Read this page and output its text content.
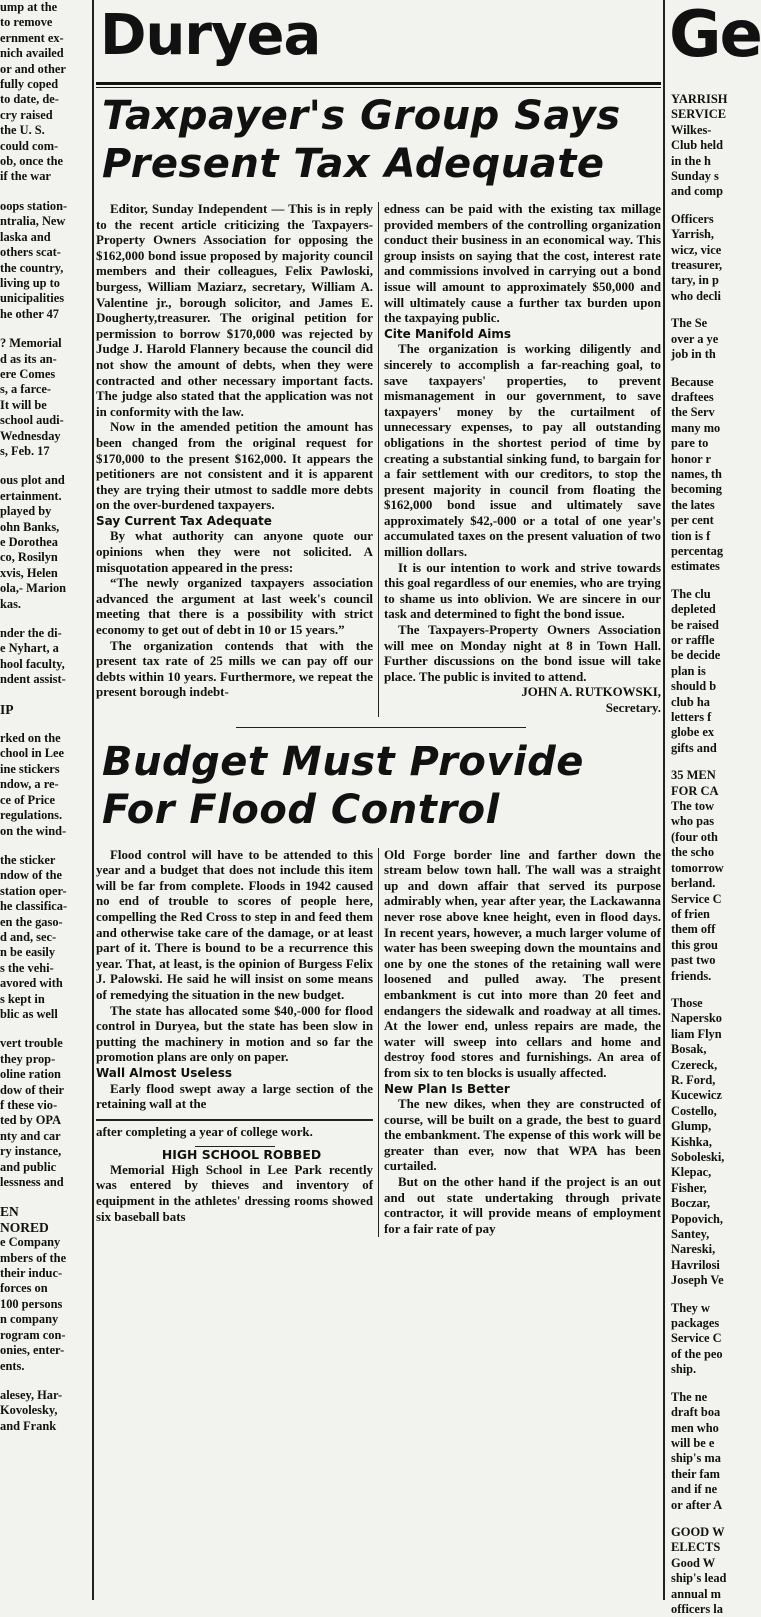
ump at the

to remove

ernment ex-

nich availed

or and other

fully coped

to date, de-

cry raised

the U. S.

could com-

ob, once the

if the war

oops station-

ntralia, New

laska and

others scat-

the country,

living up to

unicipalities

he other 47

? Memorial

d as its an-

ere Comes

s, a farce-

It will be

school audi-

Wednesday

s, Feb. 17

ous plot and

ertainment.

played by

ohn Banks,

e Dorothea

co, Rosilyn

xvis, Helen

ola,- Marion

kas.

nder the di-

e Nyhart, a

hool faculty,

ndent assist-

IP

rked on the

chool in Lee

ine stickers

ndow, a re-

ce of Price

regulations.

on the wind-

the sticker

ndow of the

station oper-

he classifica-

en the gaso-

d and, sec-

n be easily

s the vehi-

avored with

s kept in

blic as well

vert trouble

they prop-

oline ration

dow of their

f these vio-

ted by OPA

nty and car

ry instance,

and public

lessness and

EN

NORED

e Company

mbers of the

their induc-

forces on

100 persons

n company

rogram con-

onies, enter-

ents.

alesey, Har-

Kovolesky,

and Frank

Duryea
Taxpayer's Group Says
Present Tax Adequate

Editor, Sunday Independent — This is in reply to the recent article criticizing the Taxpayers-Property Owners Association for opposing the $162,000 bond issue proposed by majority council members and their colleagues, Felix Pawloski, burgess, William Maziarz, secretary, William A. Valentine jr., borough solicitor, and James E. Dougherty,treasurer. The original petition for permission to borrow $170,000 was rejected by Judge J. Harold Flannery because the council did not show the amount of debts, when they were contracted and other necessary important facts. The judge also stated that the application was not in conformity with the law.

Now in the amended petition the amount has been changed from the original request for $170,000 to the present $162,000. It appears the petitioners are not consistent and it is apparent they are trying their utmost to saddle more debts on the over-burdened taxpayers.

Say Current Tax Adequate

By what authority can anyone quote our opinions when they were not solicited. A misquotation appeared in the press:

“The newly organized taxpayers association advanced the argument at last week's council meeting that there is a possibility with strict economy to get out of debt in 10 or 15 years.”

The organization contends that with the present tax rate of 25 mills we can pay off our debts within 10 years. Furthermore, we repeat the present borough indebt-

edness can be paid with the existing tax millage provided members of the controlling organization conduct their business in an economical way. This group insists on saying that the cost, interest rate and commissions involved in carrying out a bond issue will amount to approximately $50,000 and will ultimately cause a further tax burden upon the taxpaying public.

Cite Manifold Aims

The organization is working diligently and sincerely to accomplish a far-reaching goal, to save taxpayers' properties, to prevent mismanagement in our government, to save taxpayers' money by the curtailment of unnecessary expenses, to pay all outstanding obligations in the shortest period of time by creating a substantial sinking fund, to bargain for a fair settlement with our creditors, to stop the present majority in council from floating the $162,000 bond issue and ultimately save approximately $42,-000 or a total of one year's accumulated taxes on the present valuation of two million dollars.

It is our intention to work and strive towards this goal regardless of our enemies, who are trying to shame us into oblivion. We are sincere in our task and determined to fight the bond issue.

The Taxpayers-Property Owners Association will mee on Monday night at 8 in Town Hall. Further discussions on the bond issue will take place. The public is invited to attend.

JOHN A. RUTKOWSKI,

Secretary.

Budget Must Provide
For Flood Control

Flood control will have to be attended to this year and a budget that does not include this item will be far from complete. Floods in 1942 caused no end of trouble to scores of people here, compelling the Red Cross to step in and feed them and otherwise take care of the damage, or at least part of it. There is bound to be a recurrence this year. That, at least, is the opinion of Burgess Felix J. Palowski. He said he will insist on some means of remedying the situation in the new budget.

The state has allocated some $40,-000 for flood control in Duryea, but the state has been slow in putting the machinery in motion and so far the promotion plans are only on paper.

Wall Almost Useless

Early flood swept away a large section of the retaining wall at the

after completing a year of college work.

HIGH SCHOOL ROBBED

Memorial High School in Lee Park recently was entered by thieves and inventory of equipment in the athletes' dressing rooms showed six baseball bats

Old Forge border line and farther down the stream below town hall. The wall was a straight up and down affair that served its purpose admirably when, year after year, the Lackawanna never rose above knee height, even in flood days. In recent years, however, a much larger volume of water has been sweeping down the mountains and one by one the stones of the retaining wall were loosened and pulled away. The present embankment is cut into more than 20 feet and endangers the sidewalk and roadway at all times. At the lower end, unless repairs are made, the water will sweep into cellars and home and destroy food stores and furnishings. An area of from six to ten blocks is usually affected.

New Plan Is Better

The new dikes, when they are constructed of course, will be built on a grade, the best to guard the embankment. The expense of this work will be greater than ever, now that WPA has been curtailed.

But on the other hand if the project is an out and out state undertaking through private contractor, it will provide means of employment for a fair rate of pay

Ge

YARRISH

SERVICE

Wilkes-

Club held

in the h

Sunday s

and comp

Officers

Yarrish,

wicz, vice

treasurer,

tary, in p

who decli

The Se

over a ye

job in th

Because

draftees

the Serv

many mo

pare to

honor r

names, th

becoming

the lates

per cent

tion is f

percentag

estimates

The clu

depleted

be raised

or raffle

be decide

plan is

should b

club ha

letters f

globe ex

gifts and

35 MEN

FOR CA

The tow

who pas

(four oth

the scho

tomorrow

berland.

Service C

of frien

them off

this grou

past two

friends.

Those

Naperskо

liam Flyn

Bosak,

Czereck,

R. Ford,

Kucewicz

Costello,

Glump,

Kishka,

Soboleski,

Klepac,

Fisher,

Boczar,

Popovich,

Santey,

Nareski,

Havrilosi

Joseph Ve

They w

packages

Service C

of the peo

ship.

The ne

draft boa

men who

will be e

ship's ma

their fam

and if ne

or after A

GOOD W

ELECTS

Good W

ship's lead

annual m

officers la
